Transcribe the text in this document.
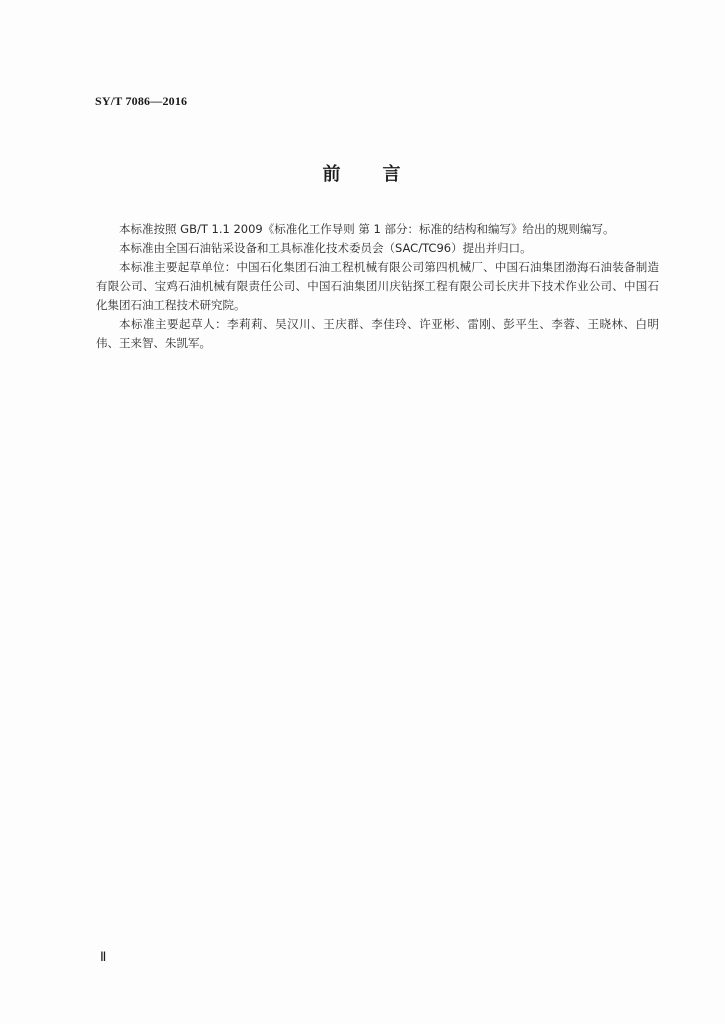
SY/T 7086—2016
前 言

本标准按照 GB/T 1.1 2009《标准化工作导则 第 1 部分：标准的结构和编写》给出的规则编写。

本标准由全国石油钻采设备和工具标准化技术委员会（SAC/TC96）提出并归口。

本标准主要起草单位：中国石化集团石油工程机械有限公司第四机械厂、中国石油集团渤海石油装备制造有限公司、宝鸡石油机械有限责任公司、中国石油集团川庆钻探工程有限公司长庆井下技术作业公司、中国石化集团石油工程技术研究院。

本标准主要起草人：李莉莉、吴汉川、王庆群、李佳玲、许亚彬、雷刚、彭平生、李蓉、王晓林、白明伟、王来智、朱凯军。

Ⅱ
